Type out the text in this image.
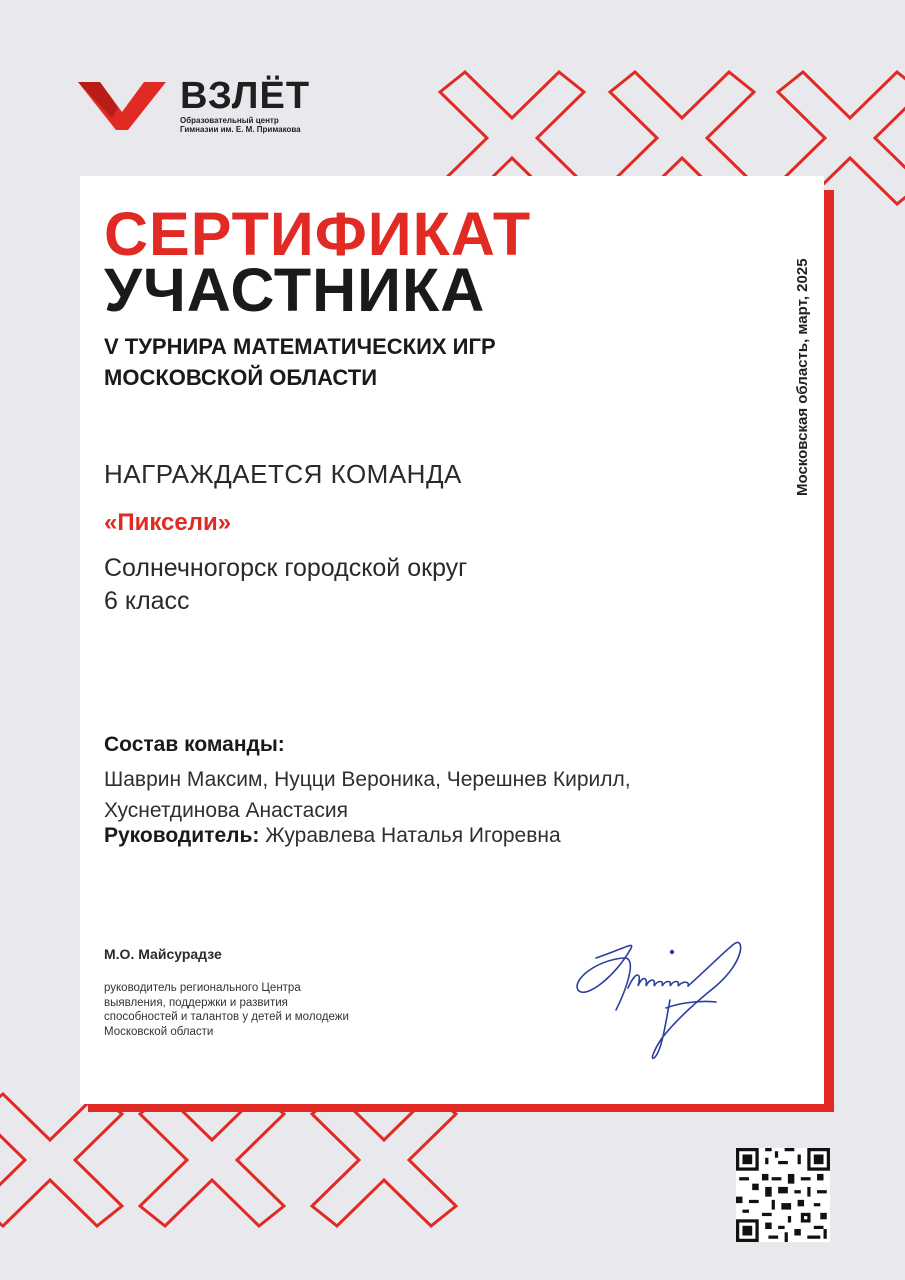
ВЗЛЁТ
Образовательный центр
Гимназии им. Е. М. Примакова
СЕРТИФИКАТ
УЧАСТНИКА
V ТУРНИРА МАТЕМАТИЧЕСКИХ ИГР
МОСКОВСКОЙ ОБЛАСТИ
НАГРАЖДАЕТСЯ КОМАНДА
«Пиксели»
Солнечногорск городской округ
6 класс
Состав команды:
Шаврин Максим, Нуцци Вероника, Черешнев Кирилл,
Хуснетдинова Анастасия
Руководитель: Журавлева Наталья Игоревна
М.О. Майсурадзе
руководитель регионального Центра
выявления, поддержки и развития
способностей и талантов у детей и молодежи
Московской области
Московская область, март, 2025
